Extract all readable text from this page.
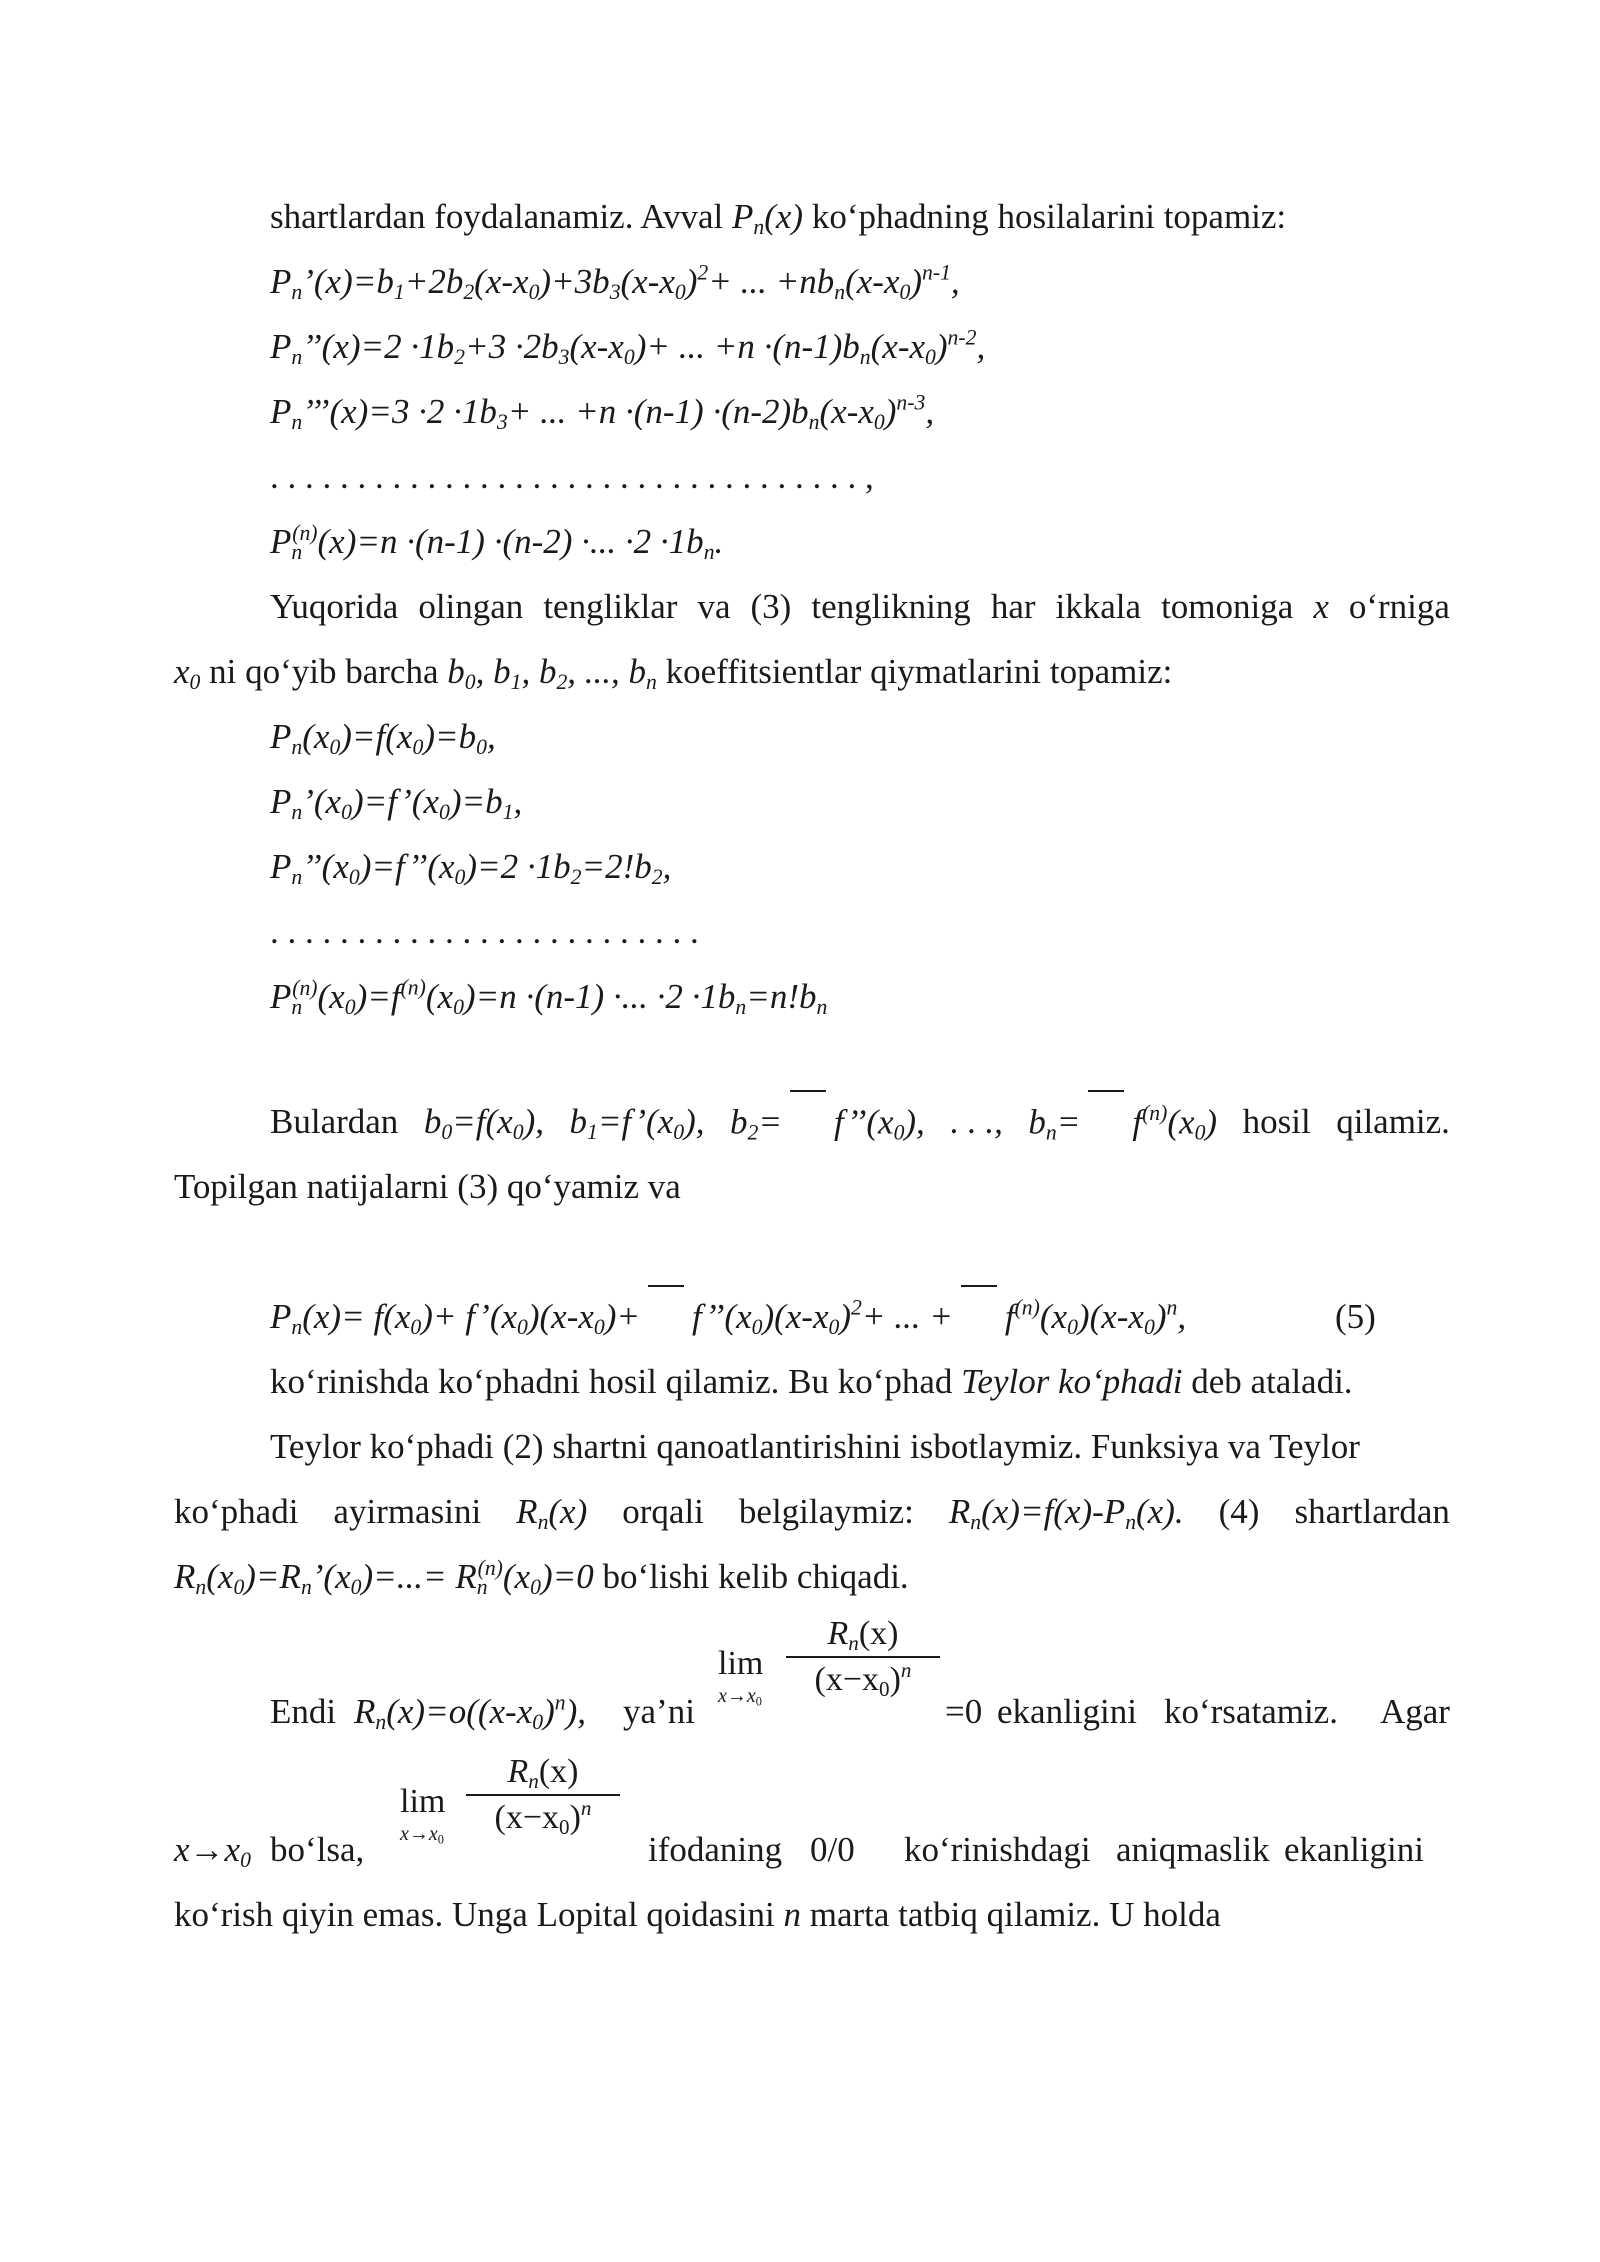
shartlardan foydalanamiz. Avval $P_n(x)$ ko‘phadning hosilalarini topamiz:
$P_n’(x)=b_1+2b_2(x-x_0)+3b_3(x-x_0)^2+$ ... $+nb_n(x-x_0)^{n-1}$,
$P_n’’(x)=2 \cdot 1b_2+3 \cdot 2b_3(x-x_0)+$ ... $+n \cdot(n-1)b_n(x-x_0)^{n-2}$,
$P_n’’’(x)=3 \cdot 2 \cdot 1b_3+$ ... $+n \cdot(n-1) \cdot(n-2)b_n(x-x_0)^{n-3}$,
. . . . . . . . . . . . . . . . . . . . . . . . . . . . . . . . . . ,
$P_n^{(n)}(x)=n \cdot(n-1) \cdot(n-2)$ ·... $\cdot 2 \cdot 1b_n$.
Yuqorida olingan tengliklar va (3) tenglikning har ikkala tomoniga x o‘rniga
$x_0$ ni qo‘yib barcha $b_0$, $b_1$, $b_2$, ..., $b_n$ koeffitsientlar qiymatlarini topamiz:
$P_n(x_0)=f(x_0)=b_0$,
$P_n’(x_0)=f’(x_0)=b_1$,
$P_n’’(x_0)=f’’(x_0)=2 \cdot 1b_2=2!b_2$,
. . . . . . . . . . . . . . . . . . . . . . . . .
$P_n^{(n)}(x_0)=f^{(n)}(x_0)=n \cdot(n-1)$ ·... $\cdot 2 \cdot 1b_n=n!b_n$
Bulardan $b_0=f(x_0)$, $b_1=f’(x_0)$, $b_2=$ $f’’(x_0)$, . . ., $b_n= f^{(n)}(x_0)$ hosil qilamiz.
Topilgan natijalarni (3) qo‘yamiz va
$P_n(x)= f(x_0)+$ $f’(x_0)(x-x_0)+$ $f’’(x_0)(x-x_0)^2+$ ... + $f^{(n)}(x_0)(x-x_0)^n$,	(5)
ko‘rinishda ko‘phadni hosil qilamiz. Bu ko‘phad Teylor ko‘phadi deb ataladi.
Teylor ko‘phadi (2) shartni qanoatlantirishini isbotlaymiz. Funksiya va Teylor
ko‘phadi ayirmasini $R_n(x)$ orqali belgilaymiz: $R_n(x)=f(x)-P_n(x)$. (4) shartlardan
$R_n(x_0)=R_n’(x_0)=...= R_n^{(n)}(x_0)=0$ bo‘lishi kelib chiqadi.
lim
$x\to x_0$
$R_n(x)$
$(x-x_0)^n$
Endi $R_n(x)=o((x-x_0)^n)$, ya’ni	=0 ekanligini ko‘rsatamiz. Agar
lim
$x\to x_0$
$R_n(x)$
$(x-x_0)^n$
$x\to x_0$ bo‘lsa,	ifodaning 0/0 ko‘rinishdagi aniqmaslik ekanligini
ko‘rish qiyin emas. Unga Lopital qoidasini n marta tatbiq qilamiz. U holda
